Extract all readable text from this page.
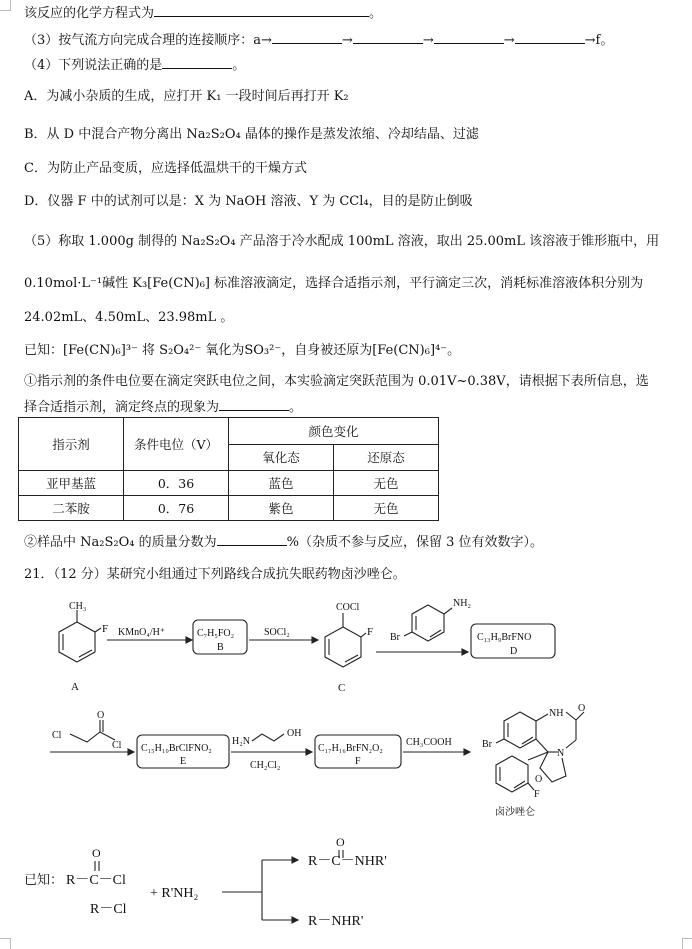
该反应的化学方程式为	。
（3）按气流方向完成合理的连接顺序：a→	→	→	→	→f。
（4）下列说法正确的是	。
A．为减小杂质的生成，应打开 K₁ 一段时间后再打开 K₂
B．从 D 中混合产物分离出 Na₂S₂O₄ 晶体的操作是蒸发浓缩、冷却结晶、过滤
C．为防止产品变质，应选择低温烘干的干燥方式
D．仪器 F 中的试剂可以是：X 为 NaOH 溶液、Y 为 CCl₄，目的是防止倒吸
（5）称取 1.000g 制得的 Na₂S₂O₄ 产品溶于冷水配成 100mL 溶液，取出 25.00mL 该溶液于锥形瓶中，用
0.10mol·L⁻¹碱性 K₃[Fe(CN)₆] 标准溶液滴定，选择合适指示剂，平行滴定三次，消耗标准溶液体积分别为
24.02mL、4.50mL、23.98mL 。
已知：[Fe(CN)₆]³⁻ 将 S₂O₄²⁻ 氧化为SO₃²⁻，自身被还原为[Fe(CN)₆]⁴⁻。
①指示剂的条件电位要在滴定突跃电位之间，本实验滴定突跃范围为 0.01V~0.38V，请根据下表所信息，选
择合适指示剂，滴定终点的现象为	。
指示剂	条件电位（V）	颜色变化	
		氧化态	还原态
亚甲基蓝	0．36	蓝色	无色
二苯胺	0．76	紫色	无色
②样品中 Na₂S₂O₄ 的质量分数为	%（杂质不参与反应，保留 3 位有效数字）。
21．（12 分）某研究小组通过下列路线合成抗失眠药物卤沙唑仑。
CH₃
F
A
KMnO₄/H⁺	C₇H₅FO₂
B
SOCl₂
COCl
F
C
NH₂
Br	C₁₃H₉BrFNO
D
Cl
O
Cl C₁₅H₁₀BrClFNO₂
E
H₂N
OH
CH₂Cl₂
C₁₇H₁₆BrFN₂O₂
F
CH₃COOH	Br
NH O
N
O
F
卤沙唑仑
已知：
O
R－C－Cl
R－Cl
+ R'NH₂
O
R－C－NHR'
R－NHR'
